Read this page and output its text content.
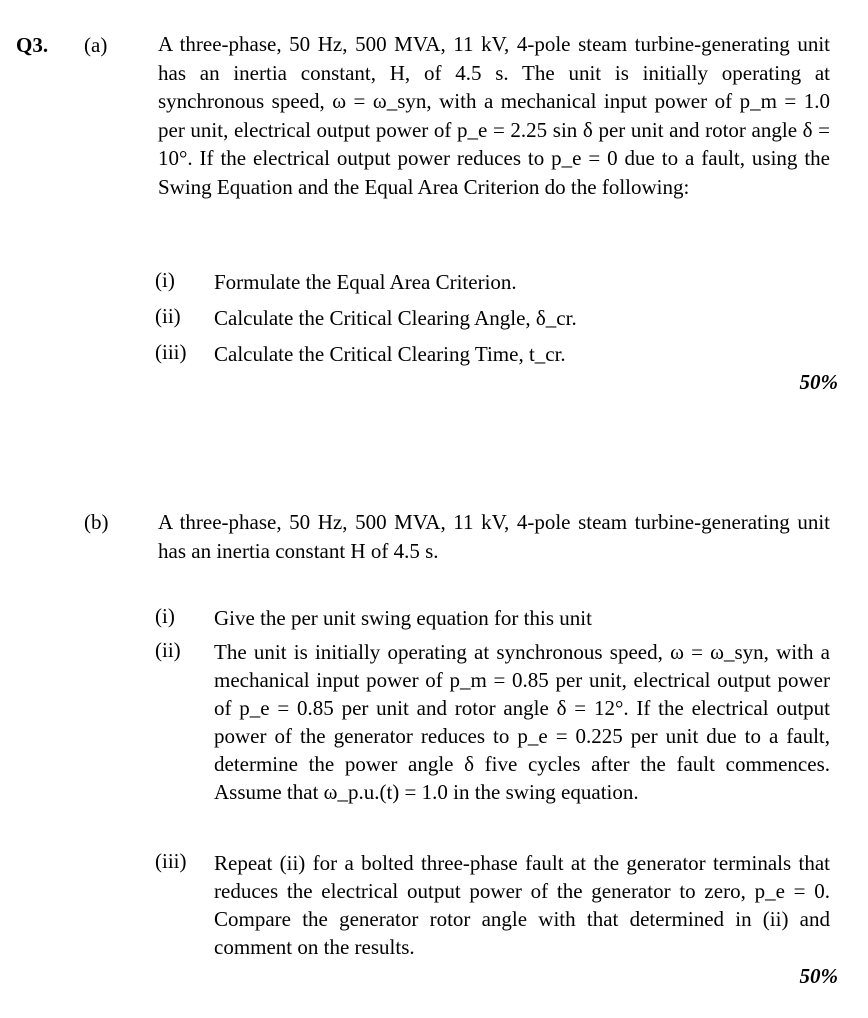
Q3. (a) A three-phase, 50 Hz, 500 MVA, 11 kV, 4-pole steam turbine-generating unit has an inertia constant, H, of 4.5 s. The unit is initially operating at synchronous speed, ω = ω_syn, with a mechanical input power of p_m = 1.0 per unit, electrical output power of p_e = 2.25 sin δ per unit and rotor angle δ = 10°. If the electrical output power reduces to p_e = 0 due to a fault, using the Swing Equation and the Equal Area Criterion do the following:

(i) Formulate the Equal Area Criterion.

(ii) Calculate the Critical Clearing Angle, δ_cr.

(iii) Calculate the Critical Clearing Time, t_cr.

50%
(b) A three-phase, 50 Hz, 500 MVA, 11 kV, 4-pole steam turbine-generating unit has an inertia constant H of 4.5 s.

(i) Give the per unit swing equation for this unit

(ii) The unit is initially operating at synchronous speed, ω = ω_syn, with a mechanical input power of p_m = 0.85 per unit, electrical output power of p_e = 0.85 per unit and rotor angle δ = 12°. If the electrical output power of the generator reduces to p_e = 0.225 per unit due to a fault, determine the power angle δ five cycles after the fault commences. Assume that ω_p.u.(t) = 1.0 in the swing equation.

(iii) Repeat (ii) for a bolted three-phase fault at the generator terminals that reduces the electrical output power of the generator to zero, p_e = 0. Compare the generator rotor angle with that determined in (ii) and comment on the results.

50%
